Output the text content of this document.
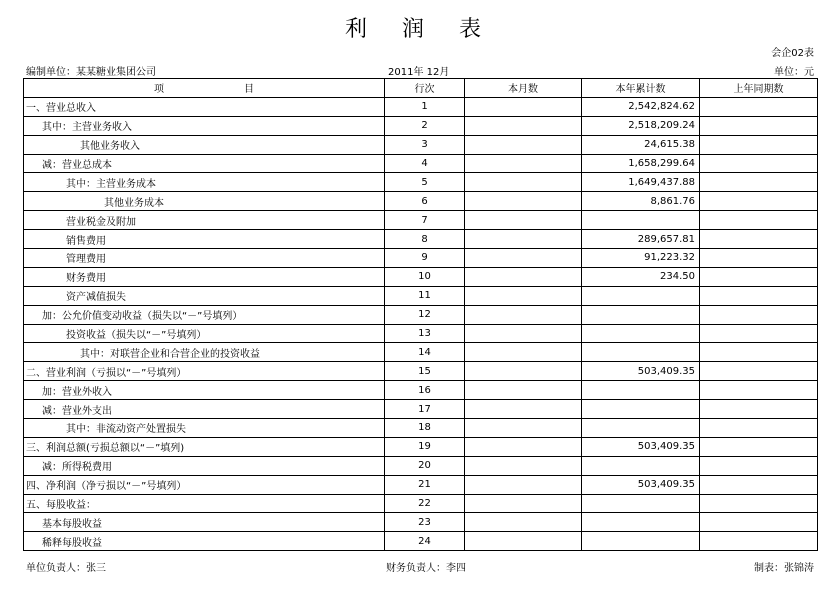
利 润 表
会企02表
编制单位：某某糖业集团公司	2011年 12月	单位：元
项　　　　　　　　目	行次	本月数	本年累计数	上年同期数
一、营业总收入	1		2,542,824.62	
其中：主营业务收入	2		2,518,209.24	
其他业务收入	3		24,615.38	
减：营业总成本	4		1,658,299.64	
其中：主营业务成本	5		1,649,437.88	
其他业务成本	6		8,861.76	
营业税金及附加	7			
销售费用	8		289,657.81	
管理费用	9		91,223.32	
财务费用	10		234.50	
资产减值损失	11			
加：公允价值变动收益（损失以“－”号填列）	12			
投资收益（损失以“－”号填列）	13			
其中：对联营企业和合营企业的投资收益	14			
二、营业利润（亏损以“－”号填列）	15		503,409.35	
加：营业外收入	16			
减：营业外支出	17			
其中：非流动资产处置损失	18			
三、利润总额(亏损总额以“－”填列)	19		503,409.35	
减：所得税费用	20			
四、净利润（净亏损以“－”号填列）	21		503,409.35	
五、每股收益：	22			
基本每股收益	23			
稀释每股收益	24			
单位负责人：张三	财务负责人：李四	制表：张锦涛
